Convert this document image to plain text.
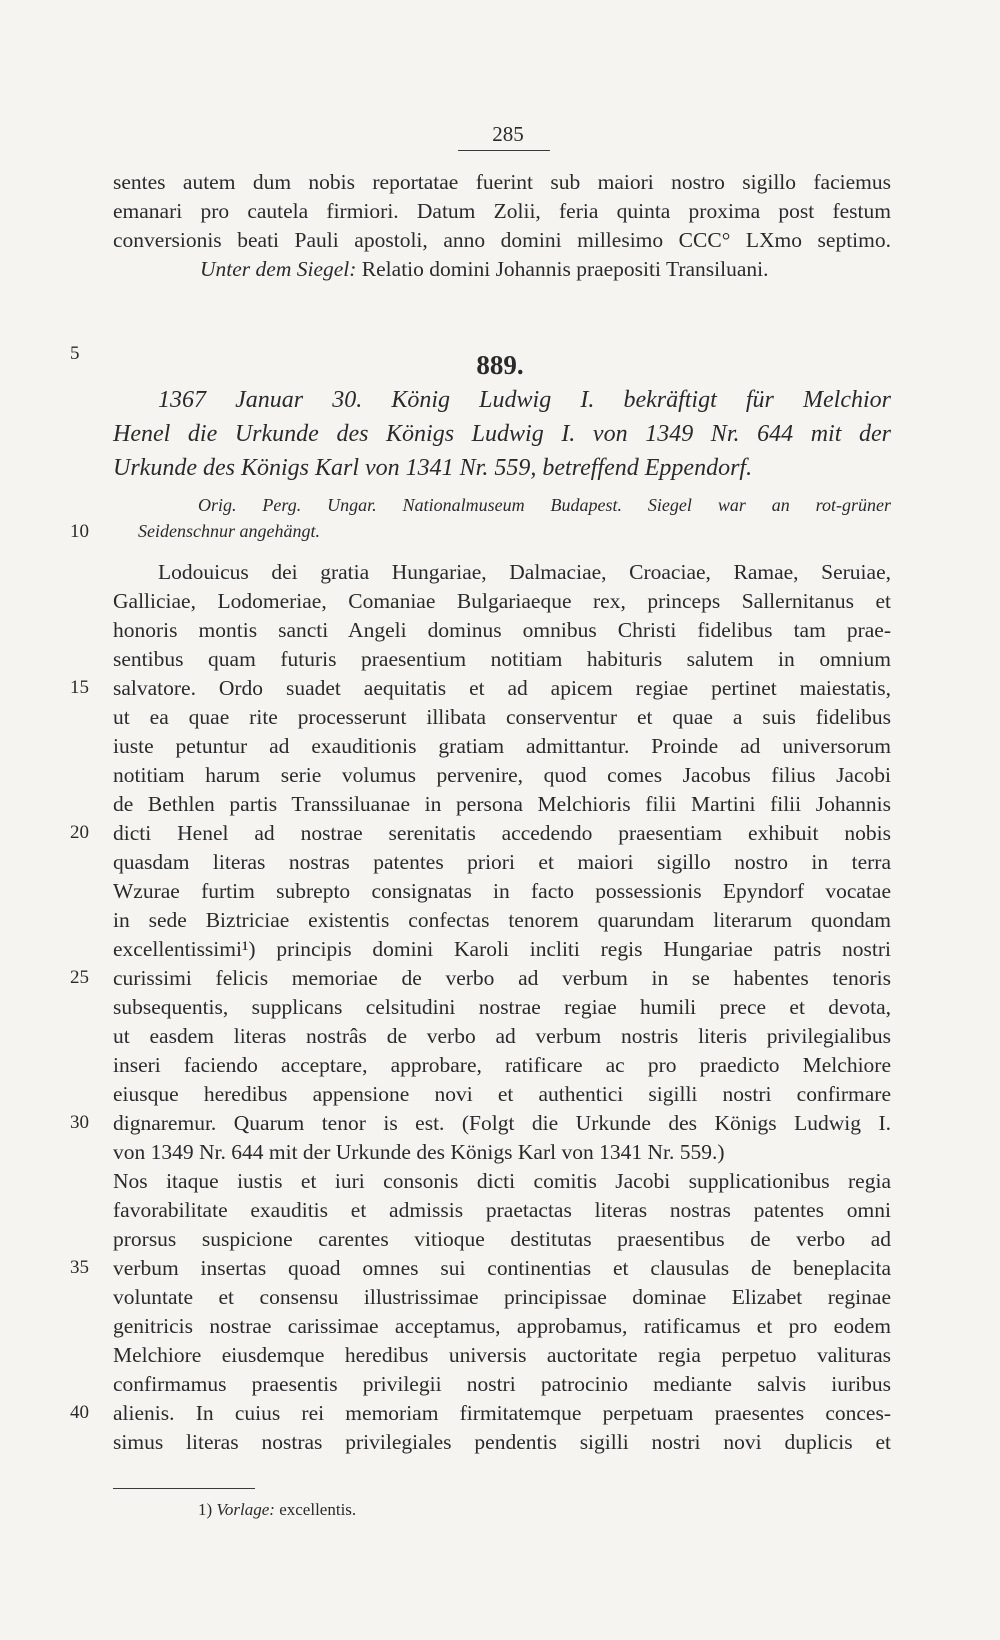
285
sentes autem dum nobis reportatae fuerint sub maiori nostro sigillo faciemus
emanari pro cautela firmiori. Datum Zolii, feria quinta proxima post festum
conversionis beati Pauli apostoli, anno domini millesimo CCC° LXmo septimo.
Unter dem Siegel: Relatio domini Johannis praepositi Transiluani.
889.
1367 Januar 30. König Ludwig I. bekräftigt für Melchior
Henel die Urkunde des Königs Ludwig I. von 1349 Nr. 644 mit der
Urkunde des Königs Karl von 1341 Nr. 559, betreffend Eppendorf.
Orig. Perg. Ungar. Nationalmuseum Budapest. Siegel war an rot-grüner
Seidenschnur angehängt.
Lodouicus dei gratia Hungariae, Dalmaciae, Croaciae, Ramae, Seruiae,
Galliciae, Lodomeriae, Comaniae Bulgariaeque rex, princeps Sallernitanus et
honoris montis sancti Angeli dominus omnibus Christi fidelibus tam prae-
sentibus quam futuris praesentium notitiam habituris salutem in omnium
salvatore. Ordo suadet aequitatis et ad apicem regiae pertinet maiestatis,
ut ea quae rite processerunt illibata conserventur et quae a suis fidelibus
iuste petuntur ad exauditionis gratiam admittantur. Proinde ad universorum
notitiam harum serie volumus pervenire, quod comes Jacobus filius Jacobi
de Bethlen partis Transsiluanae in persona Melchioris filii Martini filii Johannis
dicti Henel ad nostrae serenitatis accedendo praesentiam exhibuit nobis
quasdam literas nostras patentes priori et maiori sigillo nostro in terra
Wzurae furtim subrepto consignatas in facto possessionis Epyndorf vocatae
in sede Biztriciae existentis confectas tenorem quarundam literarum quondam
excellentissimi¹) principis domini Karoli incliti regis Hungariae patris nostri
curissimi felicis memoriae de verbo ad verbum in se habentes tenoris
subsequentis, supplicans celsitudini nostrae regiae humili prece et devota,
ut easdem literas nostrâs de verbo ad verbum nostris literis privilegialibus
inseri faciendo acceptare, approbare, ratificare ac pro praedicto Melchiore
eiusque heredibus appensione novi et authentici sigilli nostri confirmare
dignaremur. Quarum tenor is est. (Folgt die Urkunde des Königs Ludwig I.
von 1349 Nr. 644 mit der Urkunde des Königs Karl von 1341 Nr. 559.)
Nos itaque iustis et iuri consonis dicti comitis Jacobi supplicationibus regia
favorabilitate exauditis et admissis praetactas literas nostras patentes omni
prorsus suspicione carentes vitioque destitutas praesentibus de verbo ad
verbum insertas quoad omnes sui continentias et clausulas de beneplacita
voluntate et consensu illustrissimae principissae dominae Elizabet reginae
genitricis nostrae carissimae acceptamus, approbamus, ratificamus et pro eodem
Melchiore eiusdemque heredibus universis auctoritate regia perpetuo valituras
confirmamus praesentis privilegii nostri patrocinio mediante salvis iuribus
alienis. In cuius rei memoriam firmitatemque perpetuam praesentes conces-
simus literas nostras privilegiales pendentis sigilli nostri novi duplicis et
5
10
15
20
25
30
35
40
1) Vorlage: excellentis.
